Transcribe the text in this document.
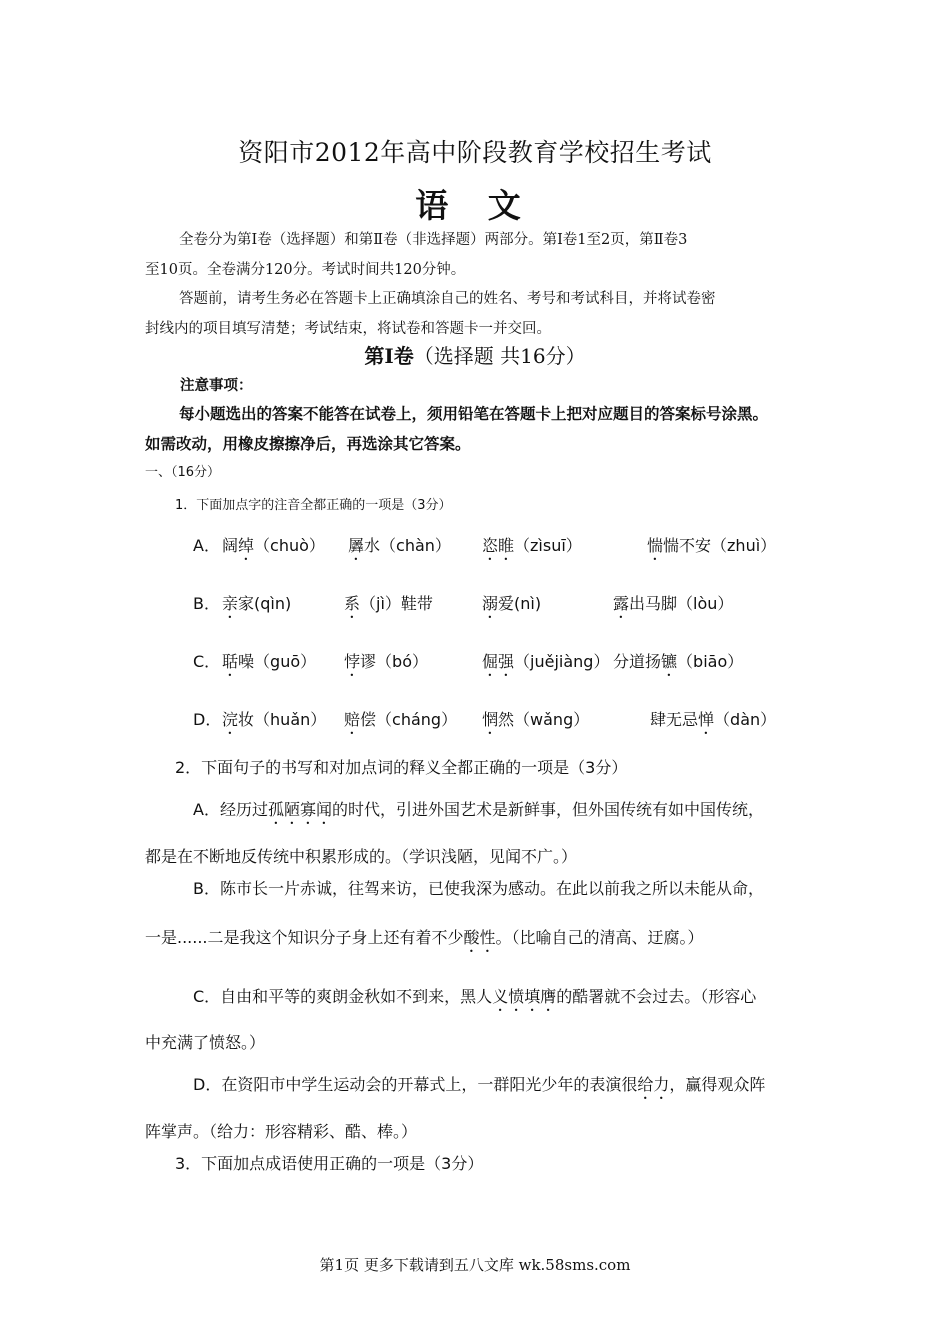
资阳市2012年高中阶段教育学校招生考试
语 文
全卷分为第Ⅰ卷（选择题）和第Ⅱ卷（非选择题）两部分。第Ⅰ卷1至2页，第Ⅱ卷3
至10页。全卷满分120分。考试时间共120分钟。
答题前，请考生务必在答题卡上正确填涂自己的姓名、考号和考试科目，并将试卷密
封线内的项目填写清楚；考试结束，将试卷和答题卡一并交回。
第Ⅰ卷（选择题 共16分）
注意事项：
每小题选出的答案不能答在试卷上，须用铅笔在答题卡上把对应题目的答案标号涂黑。
如需改动，用橡皮擦擦净后，再选涂其它答案。
一、（16分）
1．下面加点字的注音全都正确的一项是（3分）
A． 阔绰（chuò） 羼水（chàn） 恣睢（zìsuī）	惴惴不安（zhuì）
B． 亲家(qìn)	系（jì）鞋带	溺爱(nì)	露出马脚（lòu）
C． 聒噪（guō） 悖谬（bó）	倔强（juějiàng） 分道扬镳（biāo）
D． 浣妆（huǎn） 赔偿（cháng） 惘然（wǎng）	肆无忌惮（dàn）
2．下面句子的书写和对加点词的释义全都正确的一项是（3分）
A．经历过孤陋寡闻的时代，引进外国艺术是新鲜事，但外国传统有如中国传统，
都是在不断地反传统中积累形成的。（学识浅陋，见闻不广。）
B．陈市长一片赤诚，往驾来访，已使我深为感动。在此以前我之所以未能从命，
一是......二是我这个知识分子身上还有着不少酸性。（比喻自己的清高、迂腐。）
C．自由和平等的爽朗金秋如不到来，黑人义愤填膺的酷署就不会过去。（形容心
中充满了愤怒。）
D．在资阳市中学生运动会的开幕式上，一群阳光少年的表演很给力，赢得观众阵
阵掌声。（给力：形容精彩、酷、棒。）
3．下面加点成语使用正确的一项是（3分）
第1页 更多下载请到五八文库 wk.58sms.com
